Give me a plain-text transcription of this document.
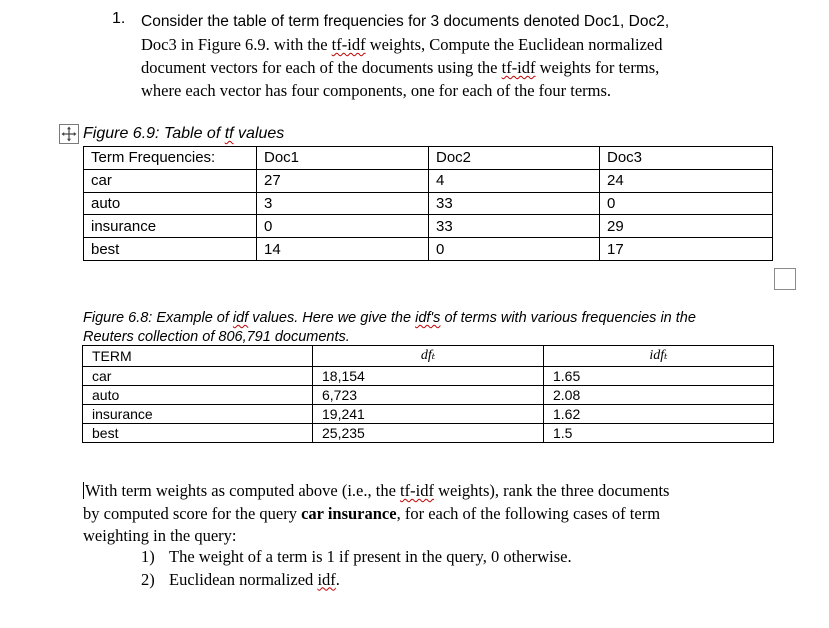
1. Consider the table of term frequencies for 3 documents denoted Doc1, Doc2,
Doc3 in Figure 6.9. with the tf-idf weights, Compute the Euclidean normalized
document vectors for each of the documents using the tf-idf weights for terms,
where each vector has four components, one for each of the four terms.
Figure 6.9: Table of tf values
Term Frequencies:	Doc1	Doc2	Doc3
car	27	4	24
auto	3	33	0
insurance	0	33	29
best	14	0	17
Figure 6.8: Example of idf values. Here we give the idf's of terms with various frequencies in the
Reuters collection of 806,791 documents.
TERM	dfₜ	idfₜ
car	18,154	1.65
auto	6,723	2.08
insurance	19,241	1.62
best	25,235	1.5
With term weights as computed above (i.e., the tf-idf weights), rank the three documents
by computed score for the query car insurance, for each of the following cases of term
weighting in the query:
1) The weight of a term is 1 if present in the query, 0 otherwise.
2) Euclidean normalized idf.
